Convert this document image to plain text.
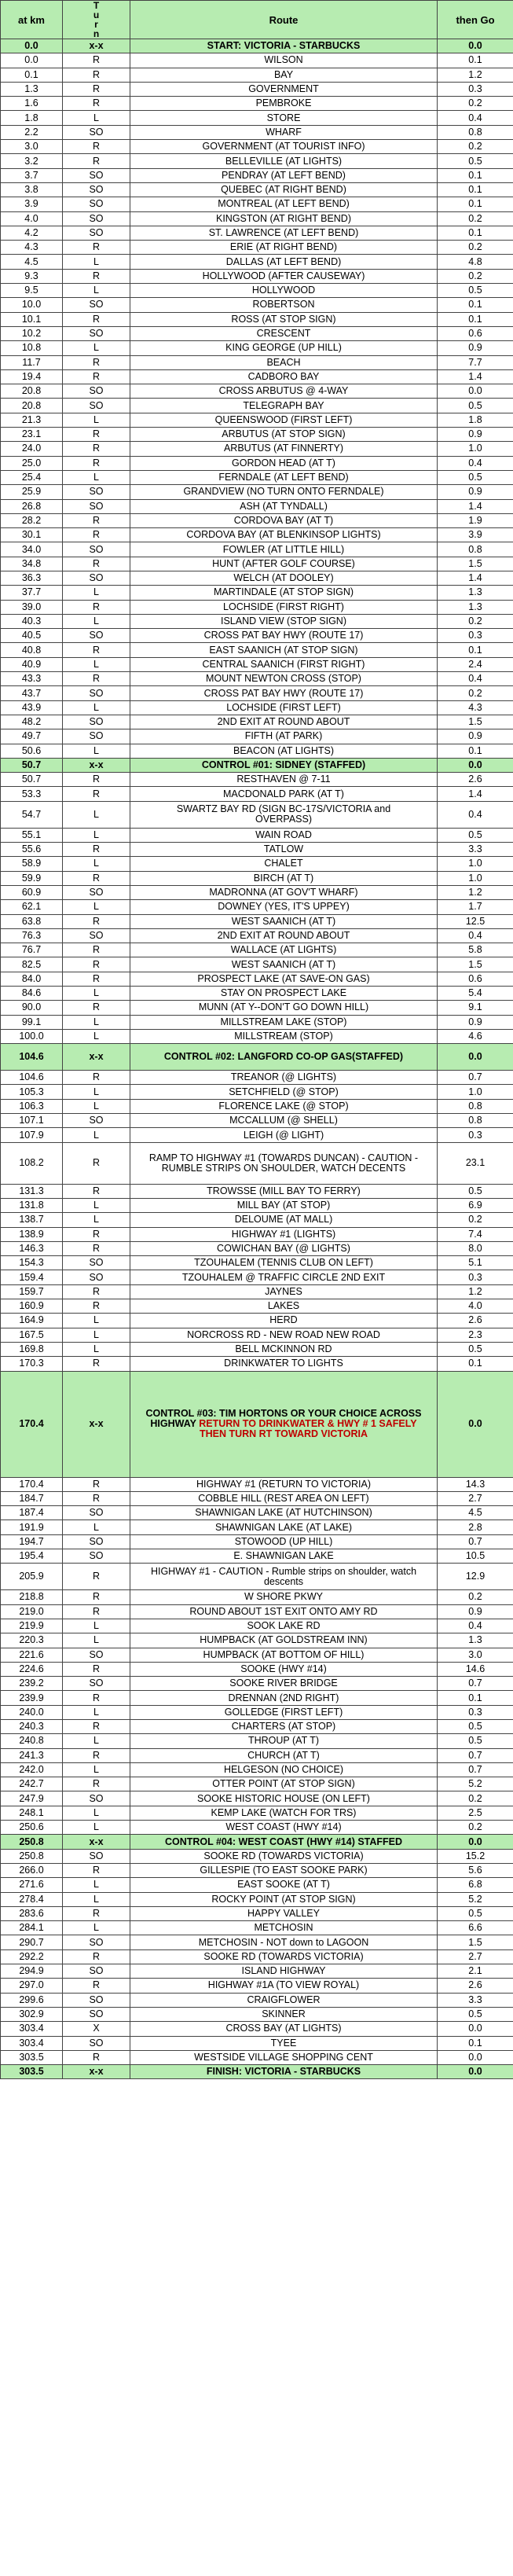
at km	T
u
r
n	Route	then Go
0.0	x-x	START: VICTORIA - STARBUCKS	0.0
0.0	R	WILSON	0.1
0.1	R	BAY	1.2
1.3	R	GOVERNMENT	0.3
1.6	R	PEMBROKE	0.2
1.8	L	STORE	0.4
2.2	SO	WHARF	0.8
3.0	R	GOVERNMENT (AT TOURIST INFO)	0.2
3.2	R	BELLEVILLE (AT LIGHTS)	0.5
3.7	SO	PENDRAY (AT LEFT BEND)	0.1
3.8	SO	QUEBEC (AT RIGHT BEND)	0.1
3.9	SO	MONTREAL (AT LEFT BEND)	0.1
4.0	SO	KINGSTON (AT RIGHT BEND)	0.2
4.2	SO	ST. LAWRENCE (AT LEFT BEND)	0.1
4.3	R	ERIE (AT RIGHT BEND)	0.2
4.5	L	DALLAS (AT LEFT BEND)	4.8
9.3	R	HOLLYWOOD (AFTER CAUSEWAY)	0.2
9.5	L	HOLLYWOOD	0.5
10.0	SO	ROBERTSON	0.1
10.1	R	ROSS (AT STOP SIGN)	0.1
10.2	SO	CRESCENT	0.6
10.8	L	KING GEORGE (UP HILL)	0.9
11.7	R	BEACH	7.7
19.4	R	CADBORO BAY	1.4
20.8	SO	CROSS ARBUTUS @ 4-WAY	0.0
20.8	SO	TELEGRAPH BAY	0.5
21.3	L	QUEENSWOOD (FIRST LEFT)	1.8
23.1	R	ARBUTUS (AT STOP SIGN)	0.9
24.0	R	ARBUTUS (AT FINNERTY)	1.0
25.0	R	GORDON HEAD (AT T)	0.4
25.4	L	FERNDALE (AT LEFT BEND)	0.5
25.9	SO	GRANDVIEW (NO TURN ONTO FERNDALE)	0.9
26.8	SO	ASH (AT TYNDALL)	1.4
28.2	R	CORDOVA BAY (AT T)	1.9
30.1	R	CORDOVA BAY (AT BLENKINSOP LIGHTS)	3.9
34.0	SO	FOWLER (AT LITTLE HILL)	0.8
34.8	R	HUNT (AFTER GOLF COURSE)	1.5
36.3	SO	WELCH (AT DOOLEY)	1.4
37.7	L	MARTINDALE (AT STOP SIGN)	1.3
39.0	R	LOCHSIDE (FIRST RIGHT)	1.3
40.3	L	ISLAND VIEW (STOP SIGN)	0.2
40.5	SO	CROSS PAT BAY HWY (ROUTE 17)	0.3
40.8	R	EAST SAANICH (AT STOP SIGN)	0.1
40.9	L	CENTRAL SAANICH (FIRST RIGHT)	2.4
43.3	R	MOUNT NEWTON CROSS (STOP)	0.4
43.7	SO	CROSS PAT BAY HWY (ROUTE 17)	0.2
43.9	L	LOCHSIDE (FIRST LEFT)	4.3
48.2	SO	2ND EXIT AT ROUND ABOUT	1.5
49.7	SO	FIFTH (AT PARK)	0.9
50.6	L	BEACON (AT LIGHTS)	0.1
50.7	x-x	CONTROL #01: SIDNEY (STAFFED)	0.0
50.7	R	RESTHAVEN @ 7-11	2.6
53.3	R	MACDONALD PARK (AT T)	1.4
54.7	L	SWARTZ BAY RD (SIGN BC-17S/VICTORIA and OVERPASS)	0.4
55.1	L	WAIN ROAD	0.5
55.6	R	TATLOW	3.3
58.9	L	CHALET	1.0
59.9	R	BIRCH (AT T)	1.0
60.9	SO	MADRONNA (AT GOV'T WHARF)	1.2
62.1	L	DOWNEY (YES, IT'S UPPEY)	1.7
63.8	R	WEST SAANICH (AT T)	12.5
76.3	SO	2ND EXIT AT ROUND ABOUT	0.4
76.7	R	WALLACE (AT LIGHTS)	5.8
82.5	R	WEST SAANICH (AT T)	1.5
84.0	R	PROSPECT LAKE (AT SAVE-ON GAS)	0.6
84.6	L	STAY ON PROSPECT LAKE	5.4
90.0	R	MUNN (AT Y--DON'T GO DOWN HILL)	9.1
99.1	L	MILLSTREAM LAKE (STOP)	0.9
100.0	L	MILLSTREAM (STOP)	4.6
104.6	x-x	CONTROL #02: LANGFORD CO-OP GAS(STAFFED)	0.0
104.6	R	TREANOR (@ LIGHTS)	0.7
105.3	L	SETCHFIELD (@ STOP)	1.0
106.3	L	FLORENCE LAKE (@ STOP)	0.8
107.1	SO	MCCALLUM (@ SHELL)	0.8
107.9	L	LEIGH (@ LIGHT)	0.3
108.2	R	RAMP TO HIGHWAY #1 (TOWARDS DUNCAN) - CAUTION - RUMBLE STRIPS ON SHOULDER, WATCH DECENTS	23.1
131.3	R	TROWSSE (MILL BAY TO FERRY)	0.5
131.8	L	MILL BAY (AT STOP)	6.9
138.7	L	DELOUME (AT MALL)	0.2
138.9	R	HIGHWAY #1 (LIGHTS)	7.4
146.3	R	COWICHAN BAY (@ LIGHTS)	8.0
154.3	SO	TZOUHALEM (TENNIS CLUB ON LEFT)	5.1
159.4	SO	TZOUHALEM @ TRAFFIC CIRCLE 2ND EXIT	0.3
159.7	R	JAYNES	1.2
160.9	R	LAKES	4.0
164.9	L	HERD	2.6
167.5	L	NORCROSS RD - NEW ROAD NEW ROAD	2.3
169.8	L	BELL MCKINNON RD	0.5
170.3	R	DRINKWATER TO LIGHTS	0.1
170.4	x-x	CONTROL #03: TIM HORTONS OR YOUR CHOICE ACROSS HIGHWAY RETURN TO DRINKWATER & HWY # 1 SAFELY THEN TURN RT TOWARD VICTORIA	0.0
170.4	R	HIGHWAY #1 (RETURN TO VICTORIA)	14.3
184.7	R	COBBLE HILL (REST AREA ON LEFT)	2.7
187.4	SO	SHAWNIGAN LAKE (AT HUTCHINSON)	4.5
191.9	L	SHAWNIGAN LAKE (AT LAKE)	2.8
194.7	SO	STOWOOD (UP HILL)	0.7
195.4	SO	E. SHAWNIGAN LAKE	10.5
205.9	R	HIGHWAY #1 - CAUTION - Rumble strips on shoulder, watch descents	12.9
218.8	R	W SHORE PKWY	0.2
219.0	R	ROUND ABOUT 1ST EXIT ONTO AMY RD	0.9
219.9	L	SOOK LAKE RD	0.4
220.3	L	HUMPBACK (AT GOLDSTREAM INN)	1.3
221.6	SO	HUMPBACK (AT BOTTOM OF HILL)	3.0
224.6	R	SOOKE (HWY #14)	14.6
239.2	SO	SOOKE RIVER BRIDGE	0.7
239.9	R	DRENNAN (2ND RIGHT)	0.1
240.0	L	GOLLEDGE (FIRST LEFT)	0.3
240.3	R	CHARTERS (AT STOP)	0.5
240.8	L	THROUP (AT T)	0.5
241.3	R	CHURCH (AT T)	0.7
242.0	L	HELGESON (NO CHOICE)	0.7
242.7	R	OTTER POINT (AT STOP SIGN)	5.2
247.9	SO	SOOKE HISTORIC HOUSE (ON LEFT)	0.2
248.1	L	KEMP LAKE (WATCH FOR TRS)	2.5
250.6	L	WEST COAST (HWY #14)	0.2
250.8	x-x	CONTROL #04: WEST COAST (HWY #14) STAFFED	0.0
250.8	SO	SOOKE RD (TOWARDS VICTORIA)	15.2
266.0	R	GILLESPIE (TO EAST SOOKE PARK)	5.6
271.6	L	EAST SOOKE (AT T)	6.8
278.4	L	ROCKY POINT (AT STOP SIGN)	5.2
283.6	R	HAPPY VALLEY	0.5
284.1	L	METCHOSIN	6.6
290.7	SO	METCHOSIN - NOT down to LAGOON	1.5
292.2	R	SOOKE RD (TOWARDS VICTORIA)	2.7
294.9	SO	ISLAND HIGHWAY	2.1
297.0	R	HIGHWAY #1A (TO VIEW ROYAL)	2.6
299.6	SO	CRAIGFLOWER	3.3
302.9	SO	SKINNER	0.5
303.4	X	CROSS BAY (AT LIGHTS)	0.0
303.4	SO	TYEE	0.1
303.5	R	WESTSIDE VILLAGE SHOPPING CENT	0.0
303.5	x-x	FINISH: VICTORIA - STARBUCKS	0.0
